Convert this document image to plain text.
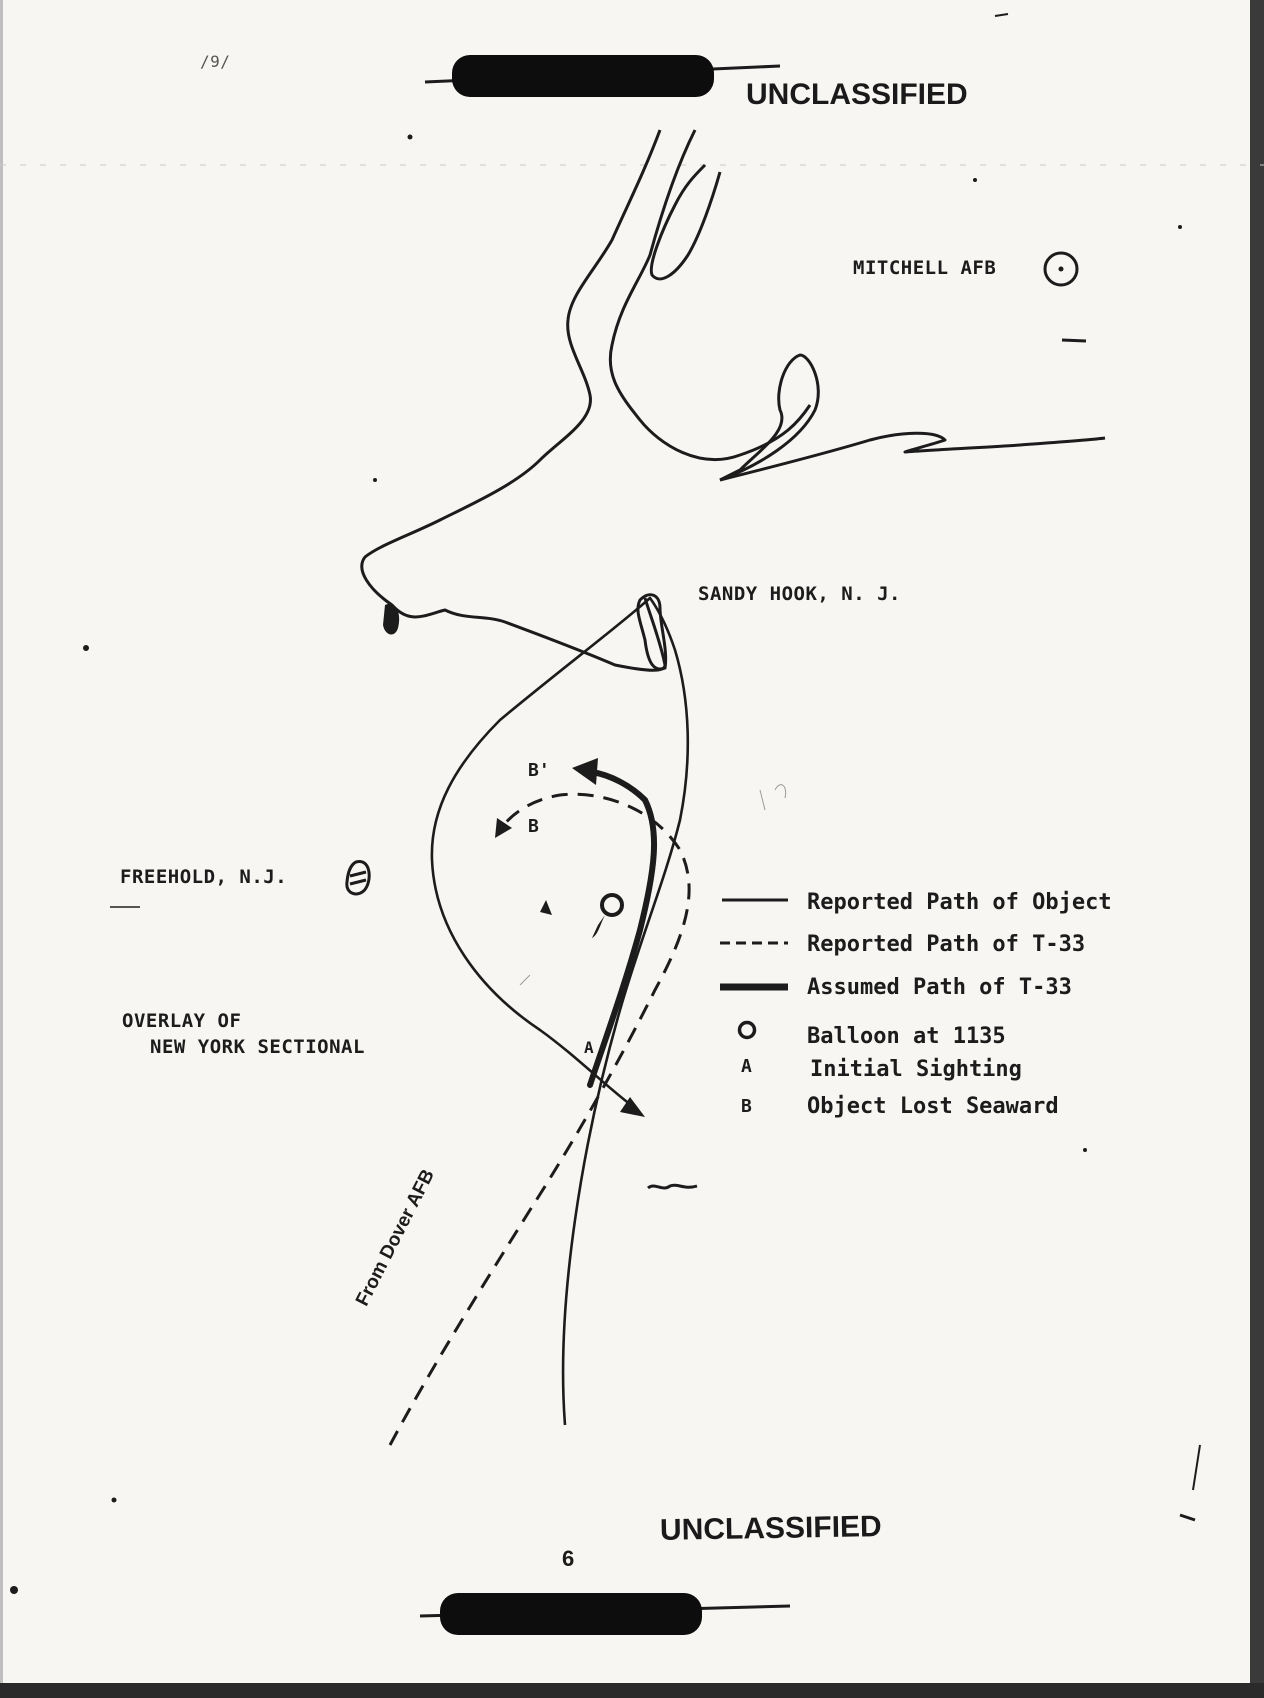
UNCLASSIFIED
/9/
UNCLASSIFIED
6
MITCHELL AFB
SANDY HOOK, N. J.
FREEHOLD, N.J.
OVERLAY OF
NEW YORK SECTIONAL
From Dover AFB
B'
B
A
Reported Path of Object
Reported Path of T-33
Assumed Path of T-33
Balloon at 1135
A	Initial Sighting
B	Object Lost Seaward
